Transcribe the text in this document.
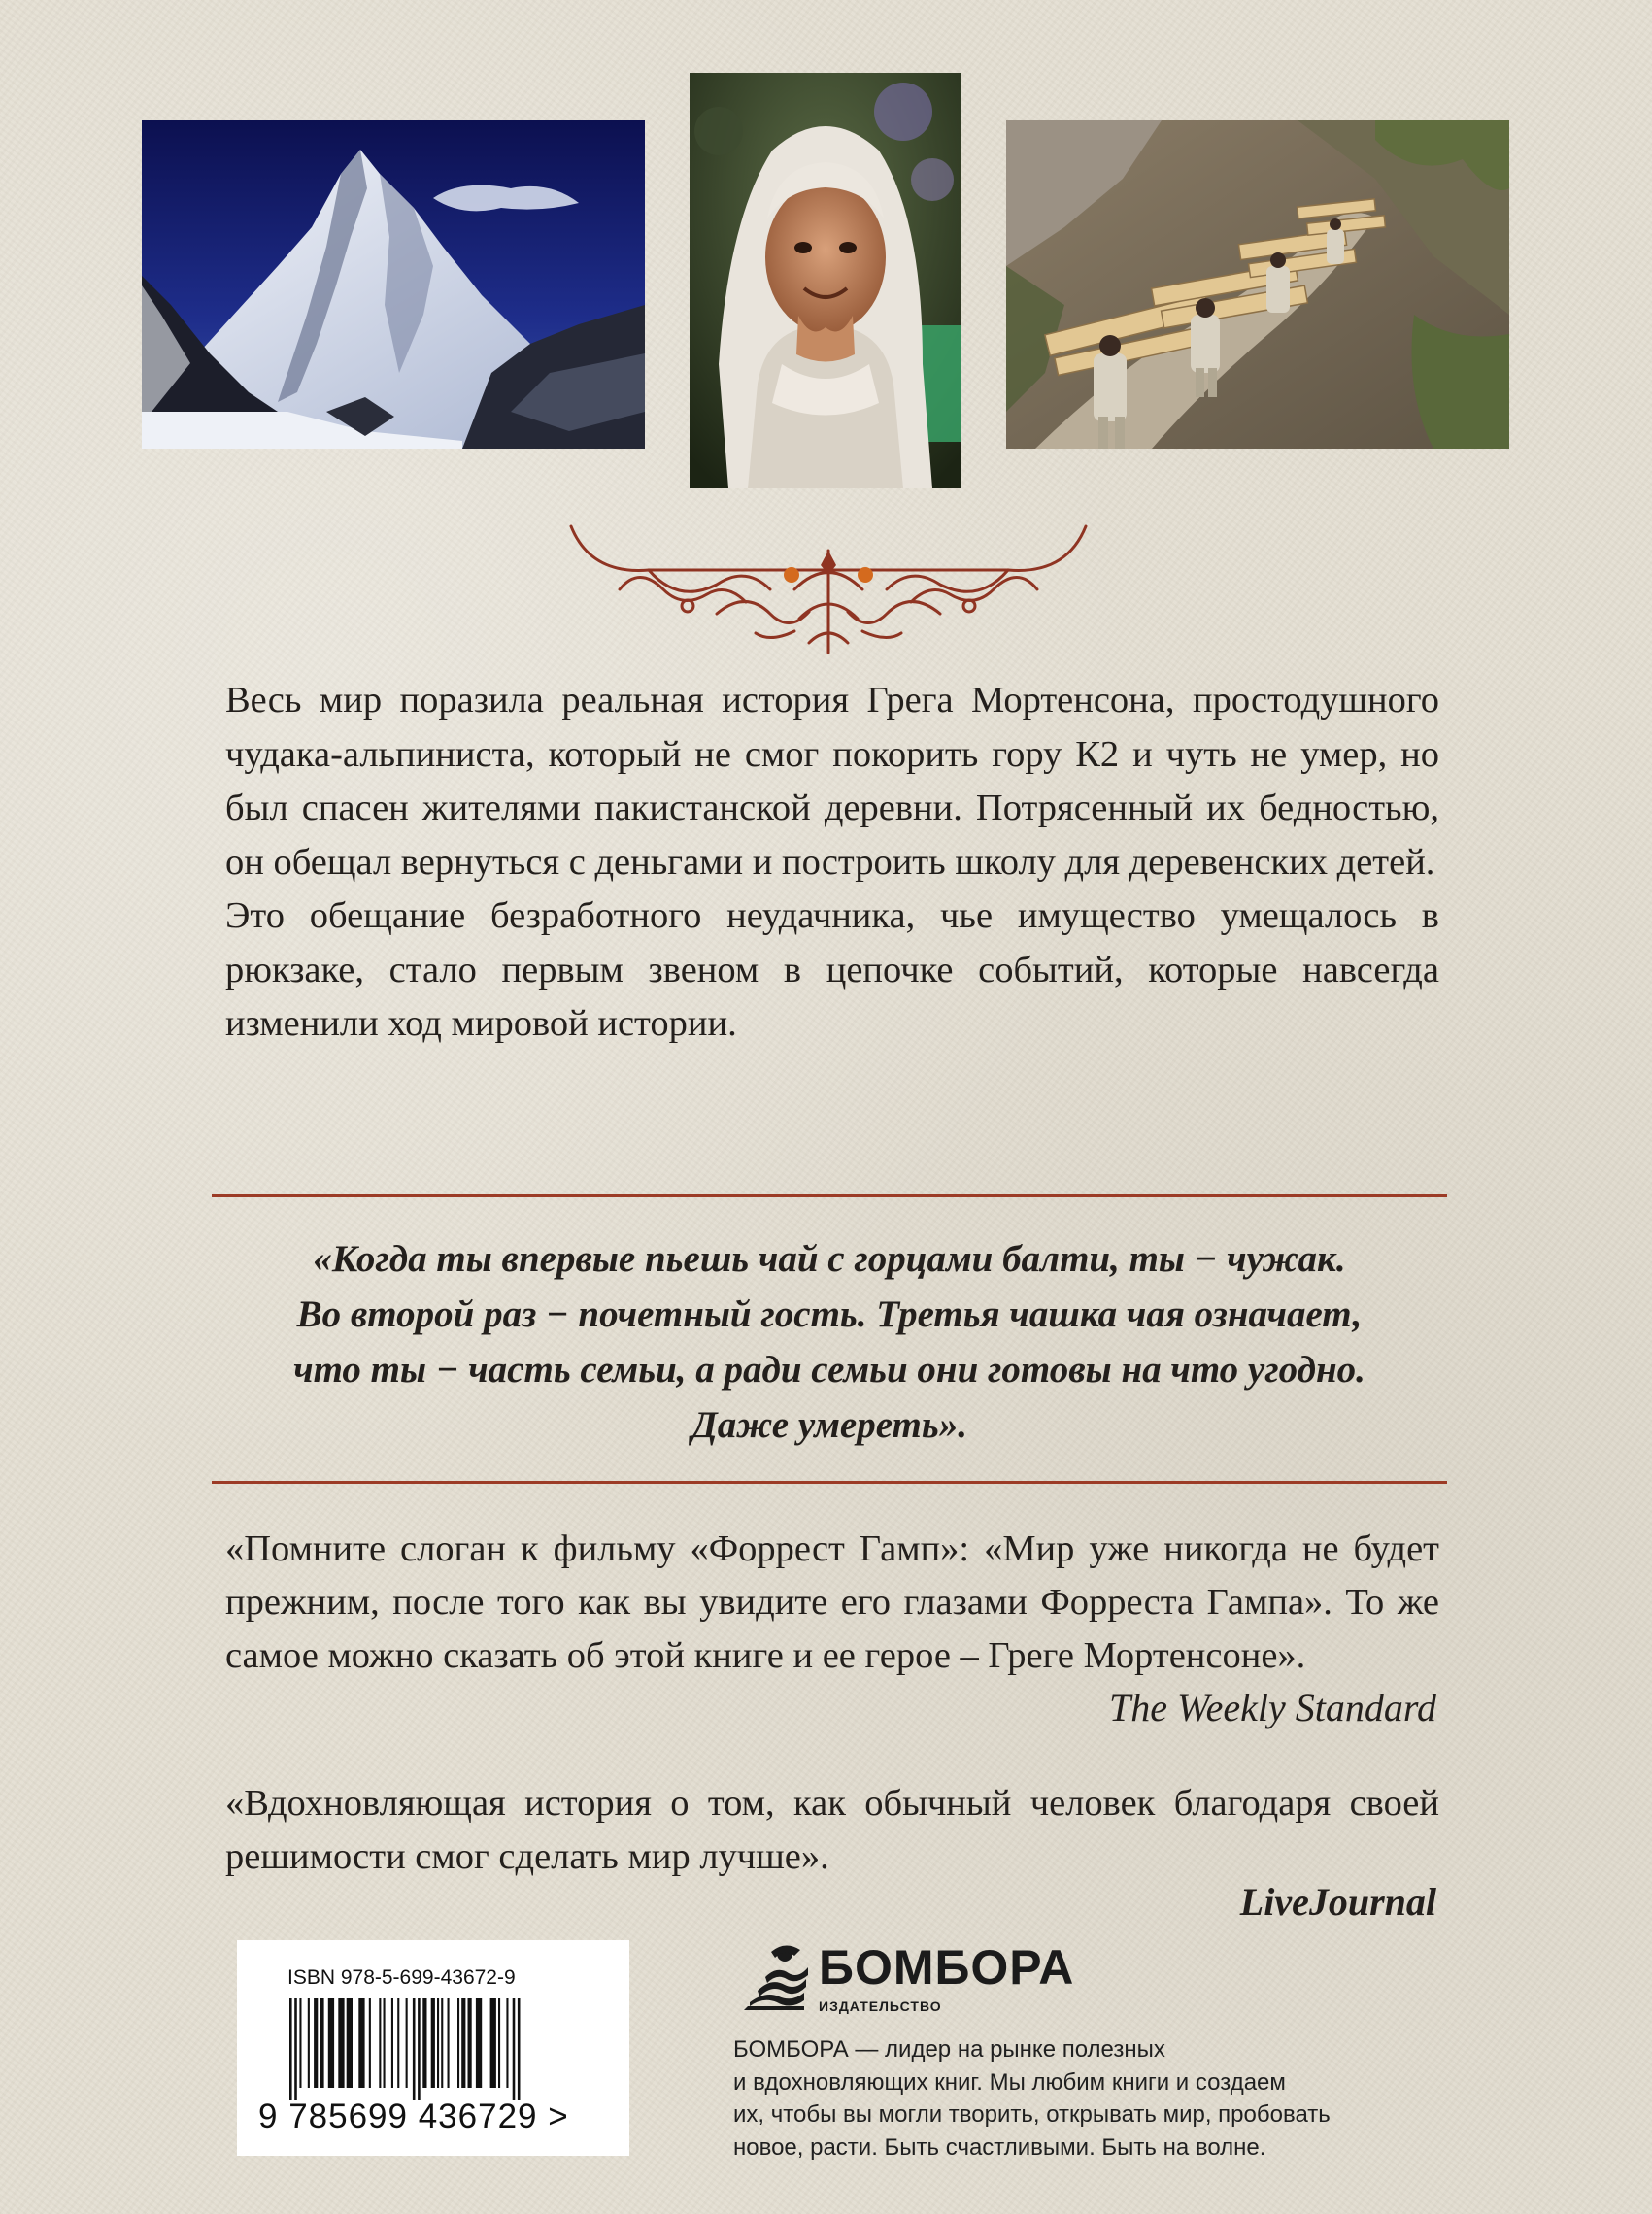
Весь мир поразила реальная история Грега Мортенсона, простодушного чудака-альпиниста, который не смог покорить гору К2 и чуть не умер, но был спасен жителями пакистанской деревни. Потрясенный их бедностью, он обещал вернуться с деньгами и построить школу для деревенских детей.

Это обещание безработного неудачника, чье имущество умещалось в рюкзаке, стало первым звеном в цепочке событий, которые навсегда изменили ход мировой истории.

«Когда ты впервые пьешь чай с горцами балти, ты − чужак.
Во второй раз − почетный гость. Третья чашка чая означает,
что ты − часть семьи, а ради семьи они готовы на что угодно.
Даже умереть».

«Помните слоган к фильму «Форрест Гамп»: «Мир уже никогда не будет прежним, после того как вы увидите его глазами Форреста Гампа». То же самое можно сказать об этой книге и ее герое – Греге Мортенсоне».

The Weekly Standard

«Вдохновляющая история о том, как обычный человек благодаря своей решимости смог сделать мир лучше».

LiveJournal
ISBN 978-5-699-43672-9
9 785699 436729 >
БОМБОРА
ИЗДАТЕЛЬСТВО

БОМБОРА — лидер на рынке полезных
и вдохновляющих книг. Мы любим книги и создаем
их, чтобы вы могли творить, открывать мир, пробовать
новое, расти. Быть счастливыми. Быть на волне.
